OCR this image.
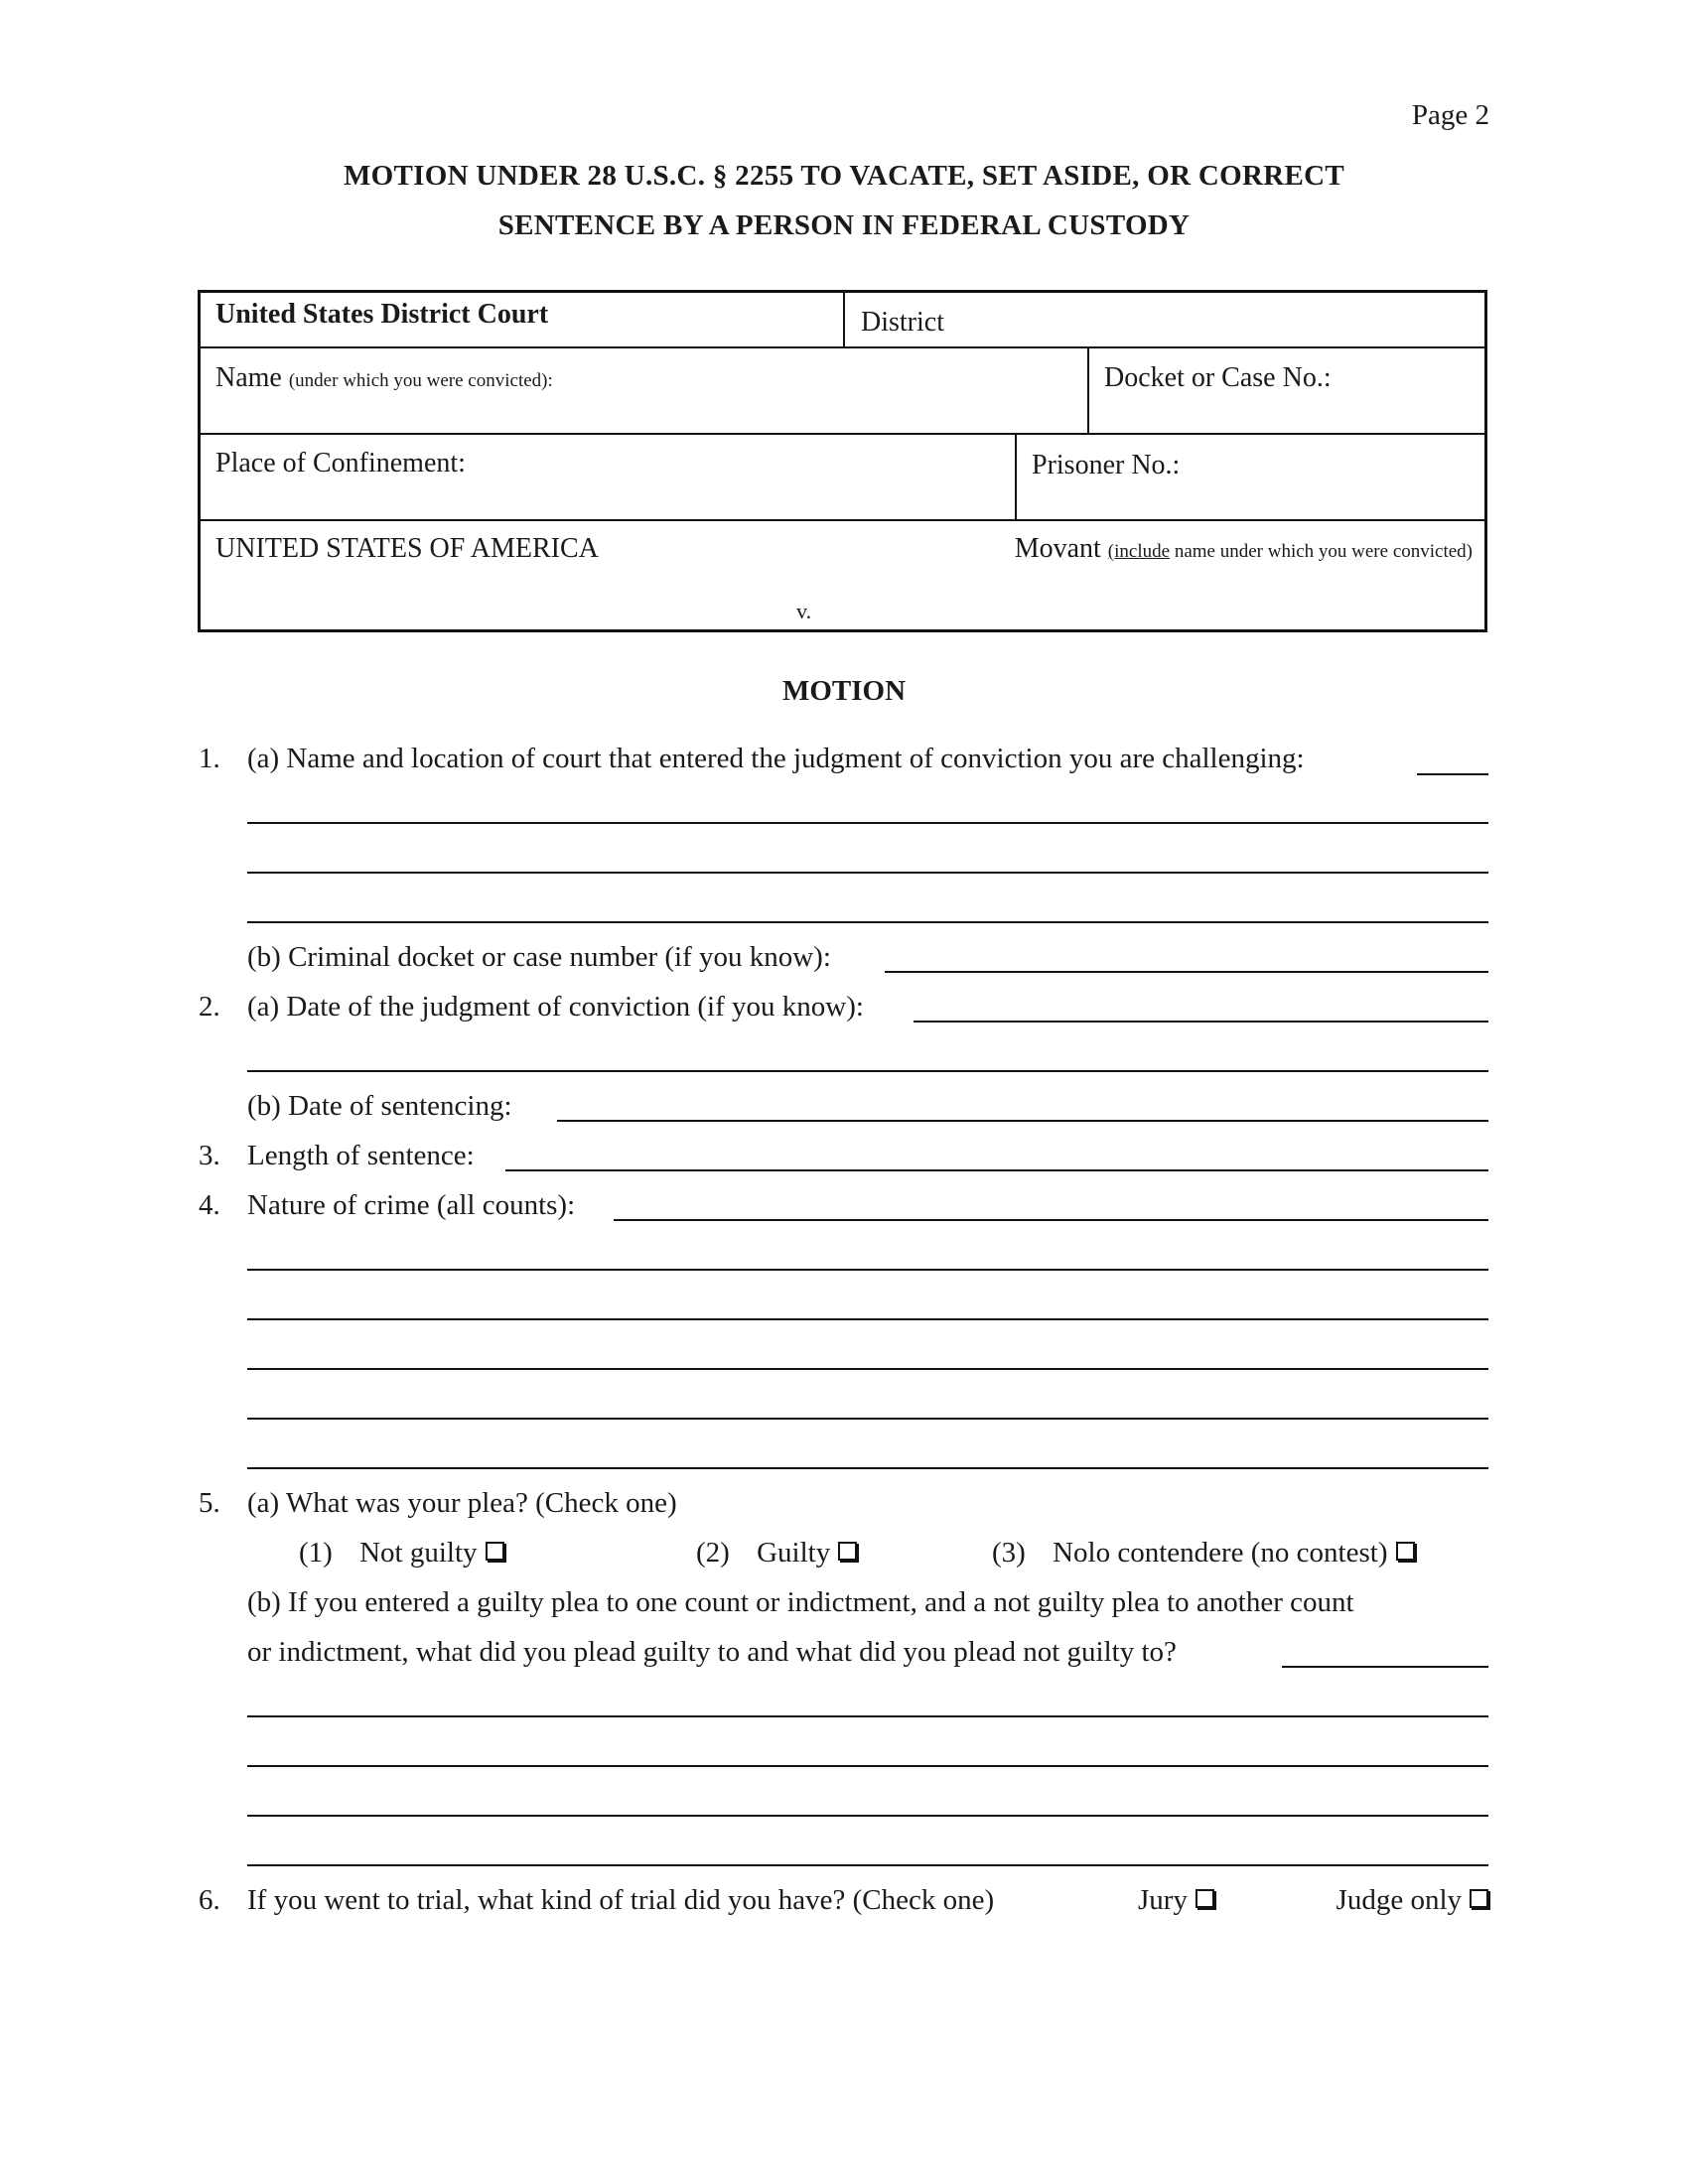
Page 2
MOTION UNDER 28 U.S.C. § 2255 TO VACATE, SET ASIDE, OR CORRECT
SENTENCE BY A PERSON IN FEDERAL CUSTODY
United States District Court	District
Name (under which you were convicted):	Docket or Case No.:
Place of Confinement:	Prisoner No.:
UNITED STATES OF AMERICA	Movant (include name under which you were convicted)
v.
MOTION
1. (a) Name and location of court that entered the judgment of conviction you are challenging:
(b) Criminal docket or case number (if you know):
2. (a) Date of the judgment of conviction (if you know):
(b) Date of sentencing:
3. Length of sentence:
4. Nature of crime (all counts):
5. (a) What was your plea? (Check one)
(1) Not guilty	(2) Guilty	(3) Nolo contendere (no contest)
(b) If you entered a guilty plea to one count or indictment, and a not guilty plea to another count
or indictment, what did you plead guilty to and what did you plead not guilty to?
6. If you went to trial, what kind of trial did you have? (Check one)	Jury	Judge only
